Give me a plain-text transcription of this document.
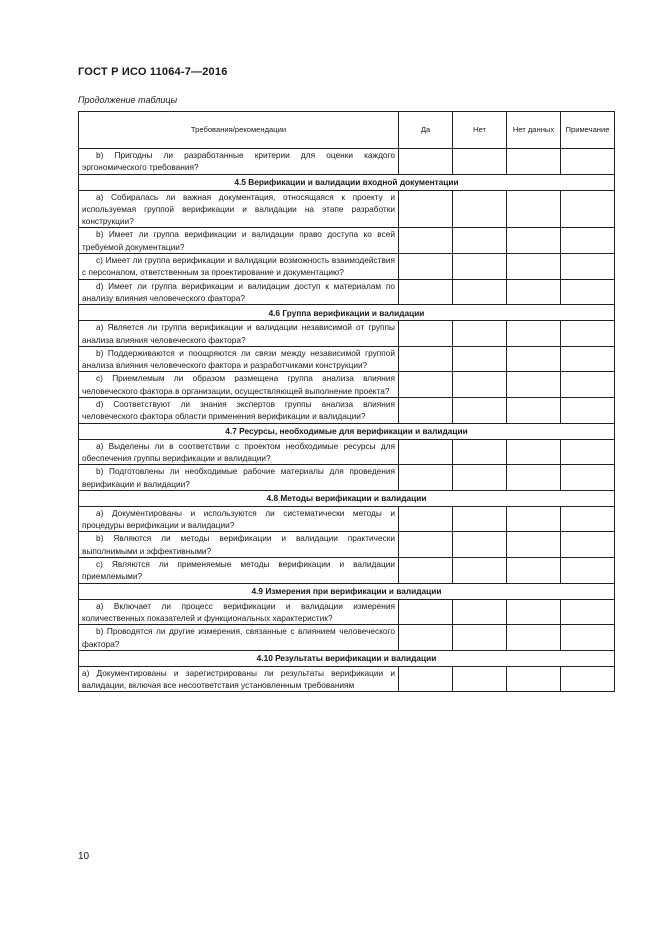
ГОСТ Р ИСО 11064-7—2016
Продолжение таблицы
Требования/рекомендации	Да	Нет	Нет данных	Примечание

b) Пригодны ли разработанные критерии для оценки каждого эргономического требования?				

4.5 Верификации и валидации входной документации				

а) Собиралась ли важная документация, относящаяся к проекту и используемая группой верификации и валидации на этапе разработки конструкции?				

b) Имеет ли группа верификации и валидации право доступа ко всей требуемой документации?				

с) Имеет ли группа верификации и валидации возможность взаимодействия с персоналом, ответственным за проектирование и документацию?				

d) Имеет ли группа верификации и валидации доступ к материалам по анализу влияния человеческого фактора?				

4.6 Группа верификации и валидации				

а) Является ли группа верификации и валидации независимой от группы анализа влияния человеческого фактора?				

b) Поддерживаются и поощряются ли связи между независимой группой анализа влияния человеческого фактора и разработчиками конструкции?				

с) Приемлемым ли образом размещена группа анализа влияния человеческого фактора в организации, осуществляющей выполнение проекта?				

d) Соответствуют ли знания экспертов группы анализа влияния человеческого фактора области применения верификации и валидации?				

4.7 Ресурсы, необходимые для верификации и валидации				

а) Выделены ли в соответствии с проектом необходимые ресурсы для обеспечения группы верификации и валидации?				

b) Подготовлены ли необходимые рабочие материалы для проведения верификации и валидации?				

4.8 Методы верификации и валидации				

а) Документированы и используются ли систематически методы и процедуры верификации и валидации?				

b) Являются ли методы верификации и валидации практически выполнимыми и эффективными?				

с) Являются ли применяемые методы верификации и валидации приемлемыми?				

4.9 Измерения при верификации и валидации				

а) Включает ли процесс верификации и валидации измерения количественных показателей и функциональных характеристик?				

b) Проводятся ли другие измерения, связанные с влиянием человеческого фактора?				

4.10 Результаты верификации и валидации				

а) Документированы и зарегистрированы ли результаты верификации и валидации, включая все несоответствия установленным требованиям				

10
